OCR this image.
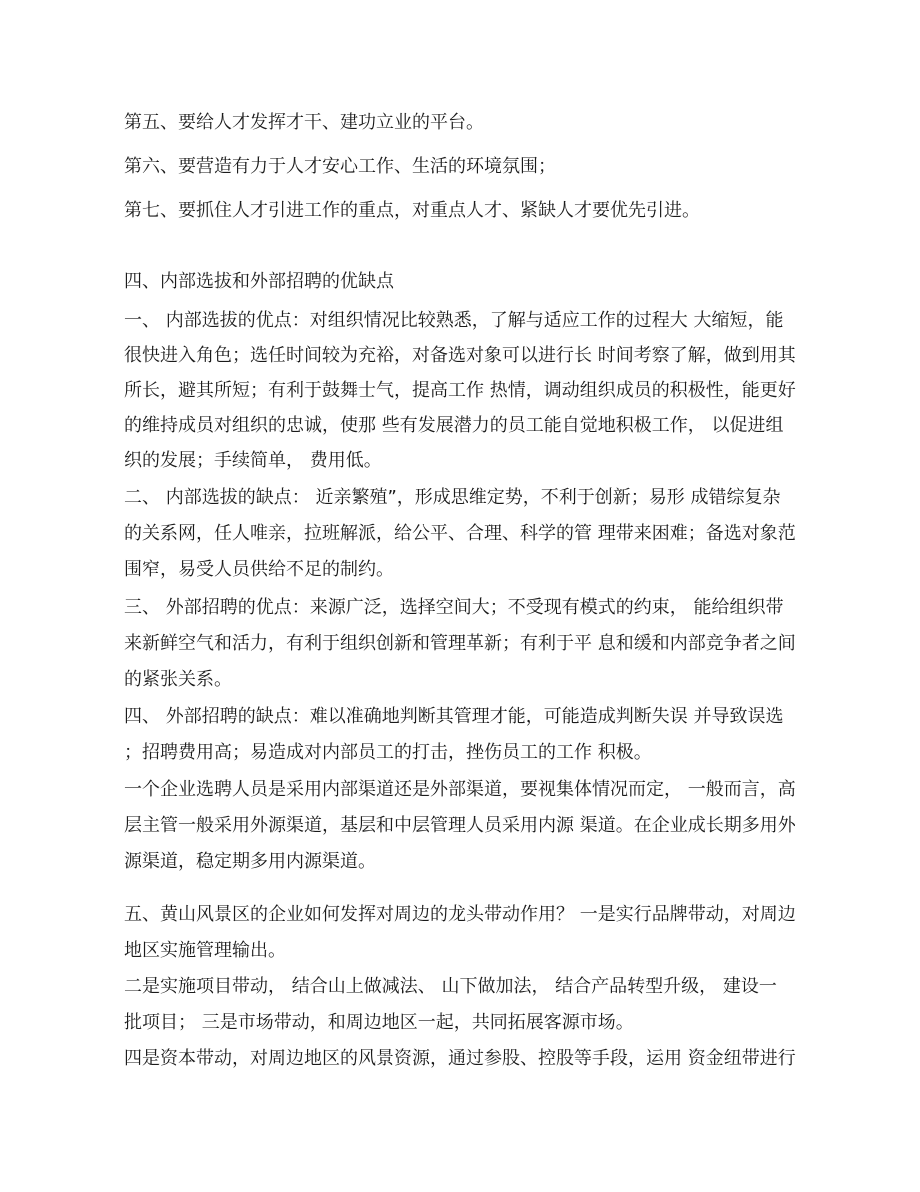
第五、要给人才发挥才干、建功立业的平台。
第六、要营造有力于人才安心工作、生活的环境氛围；
第七、要抓住人才引进工作的重点，对重点人才、紧缺人才要优先引进。
四、内部选拔和外部招聘的优缺点
一、 内部选拔的优点：对组织情况比较熟悉，了解与适应工作的过程大 大缩短，能
很快进入角色；选任时间较为充裕，对备选对象可以进行长 时间考察了解，做到用其
所长，避其所短；有利于鼓舞士气，提高工作 热情，调动组织成员的积极性，能更好
的维持成员对组织的忠诚，使那 些有发展潜力的员工能自觉地积极工作， 以促进组
织的发展；手续简单， 费用低。
二、 内部选拔的缺点： 近亲繁殖”，形成思维定势，不利于创新；易形 成错综复杂
的关系网，任人唯亲，拉班解派，给公平、合理、科学的管 理带来困难；备选对象范
围窄，易受人员供给不足的制约。
三、 外部招聘的优点：来源广泛，选择空间大；不受现有模式的约束， 能给组织带
来新鲜空气和活力，有利于组织创新和管理革新；有利于平 息和缓和内部竞争者之间
的紧张关系。
四、 外部招聘的缺点：难以准确地判断其管理才能，可能造成判断失误 并导致误选
；招聘费用高；易造成对内部员工的打击，挫伤员工的工作 积极。
一个企业选聘人员是采用内部渠道还是外部渠道，要视集体情况而定， 一般而言，高
层主管一般采用外源渠道，基层和中层管理人员采用内源 渠道。在企业成长期多用外
源渠道，稳定期多用内源渠道。
五、黄山风景区的企业如何发挥对周边的龙头带动作用？ 一是实行品牌带动，对周边
地区实施管理输出。
二是实施项目带动， 结合山上做减法、 山下做加法， 结合产品转型升级， 建设一
批项目； 三是市场带动，和周边地区一起，共同拓展客源市场。
四是资本带动，对周边地区的风景资源，通过参股、控股等手段，运用 资金纽带进行
